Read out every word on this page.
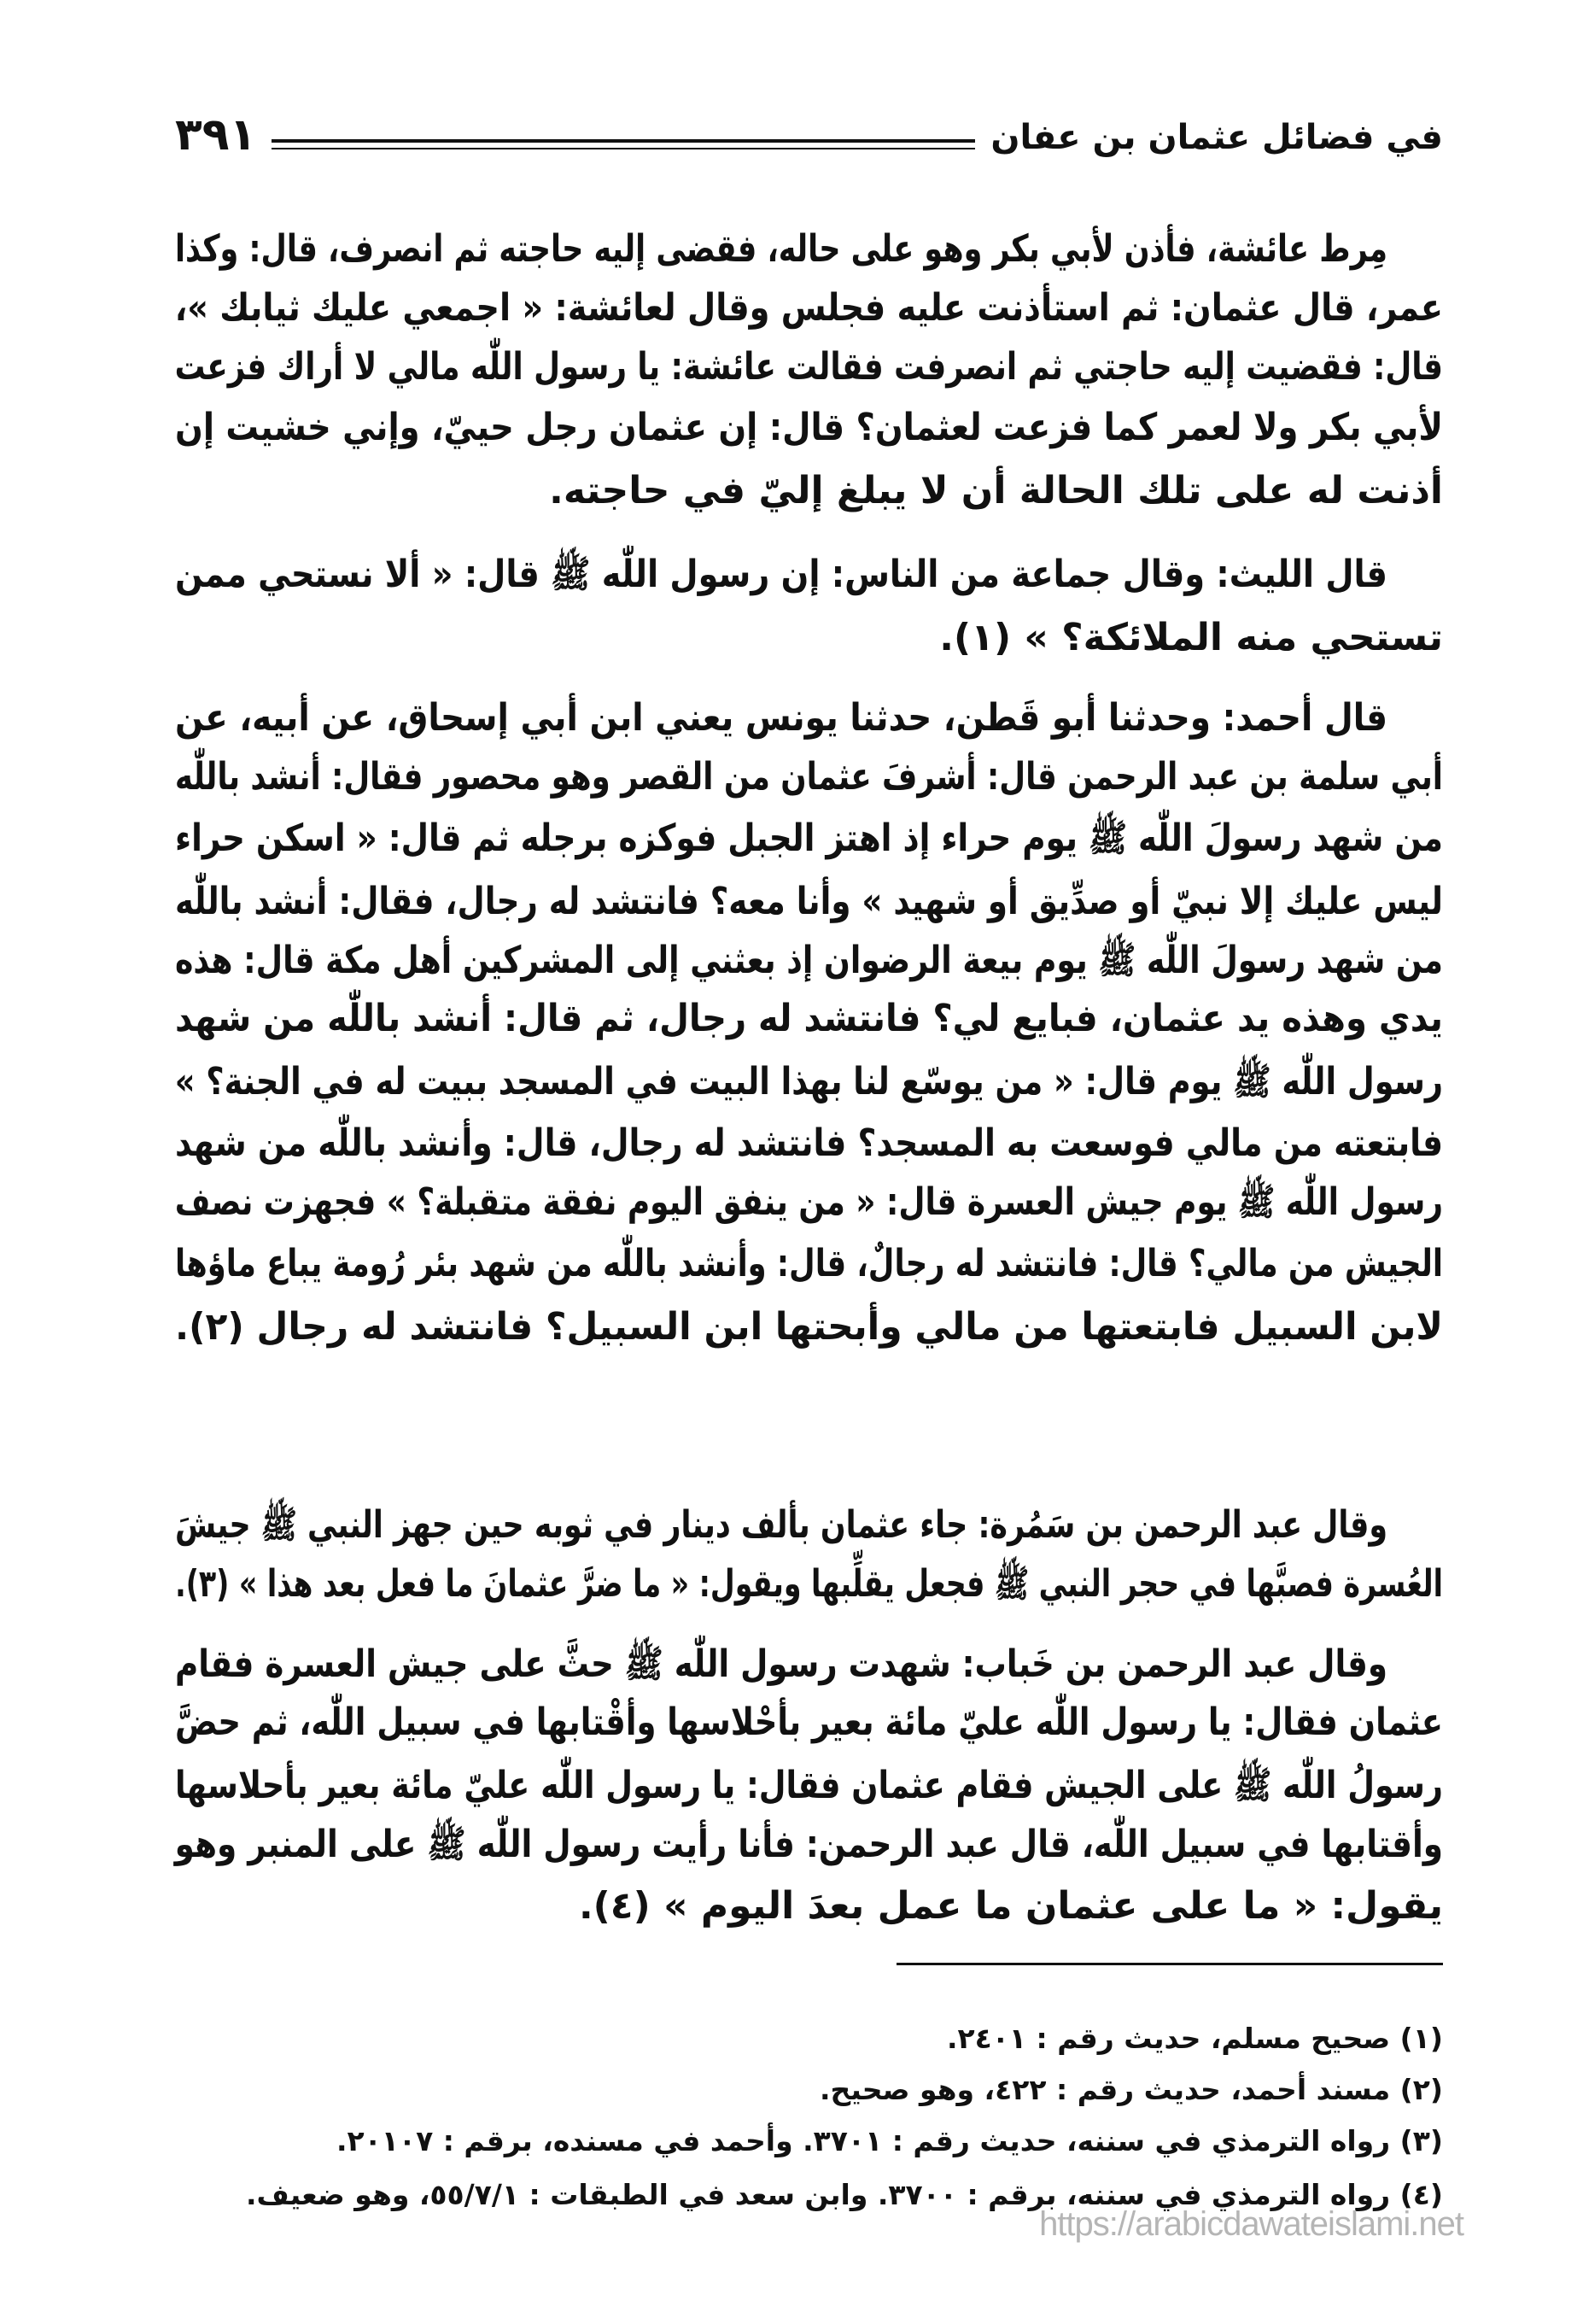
في فضائل عثمان بن عفان
٣٩١
مِرط عائشة، فأذن لأبي بكر وهو على حاله، فقضى إليه حاجته ثم انصرف، قال: وكذا
عمر، قال عثمان: ثم استأذنت عليه فجلس وقال لعائشة: « اجمعي عليك ثيابك »،
قال: فقضيت إليه حاجتي ثم انصرفت فقالت عائشة: يا رسول اللّٰه مالي لا أراك فزعت
لأبي بكر ولا لعمر كما فزعت لعثمان؟ قال: إن عثمان رجل حييّ، وإني خشيت إن
أذنت له على تلك الحالة أن لا يبلغ إليّ في حاجته.
قال الليث: وقال جماعة من الناس: إن رسول اللّٰه ﷺ قال: « ألا نستحي ممن
تستحي منه الملائكة؟ » (١).
قال أحمد: وحدثنا أبو قَطن، حدثنا يونس يعني ابن أبي إسحاق، عن أبيه، عن
أبي سلمة بن عبد الرحمن قال: أشرفَ عثمان من القصر وهو محصور فقال: أنشد باللّٰه
من شهد رسولَ اللّٰه ﷺ يوم حراء إذ اهتز الجبل فوكزه برجله ثم قال: « اسكن حراء
ليس عليك إلا نبيّ أو صدِّيق أو شهيد » وأنا معه؟ فانتشد له رجال، فقال: أنشد باللّٰه
من شهد رسولَ اللّٰه ﷺ يوم بيعة الرضوان إذ بعثني إلى المشركين أهل مكة قال: هذه
يدي وهذه يد عثمان، فبايع لي؟ فانتشد له رجال، ثم قال: أنشد باللّٰه من شهد
رسول اللّٰه ﷺ يوم قال: « من يوسّع لنا بهذا البيت في المسجد ببيت له في الجنة؟ »
فابتعته من مالي فوسعت به المسجد؟ فانتشد له رجال، قال: وأنشد باللّٰه من شهد
رسول اللّٰه ﷺ يوم جيش العسرة قال: « من ينفق اليوم نفقة متقبلة؟ » فجهزت نصف
الجيش من مالي؟ قال: فانتشد له رجالٌ، قال: وأنشد باللّٰه من شهد بئر رُومة يباع ماؤها
لابن السبيل فابتعتها من مالي وأبحتها ابن السبيل؟ فانتشد له رجال (٢).
وقال عبد الرحمن بن سَمُرة: جاء عثمان بألف دينار في ثوبه حين جهز النبي ﷺ جيشَ
العُسرة فصبَّها في حجر النبي ﷺ فجعل يقلِّبها ويقول: « ما ضرَّ عثمانَ ما فعل بعد هذا » (٣).
وقال عبد الرحمن بن خَباب: شهدت رسول اللّٰه ﷺ حثَّ على جيش العسرة فقام
عثمان فقال: يا رسول اللّٰه عليّ مائة بعير بأحْلاسها وأقْتابها في سبيل اللّٰه، ثم حضَّ
رسولُ اللّٰه ﷺ على الجيش فقام عثمان فقال: يا رسول اللّٰه عليّ مائة بعير بأحلاسها
وأقتابها في سبيل اللّٰه، قال عبد الرحمن: فأنا رأيت رسول اللّٰه ﷺ على المنبر وهو
يقول: « ما على عثمان ما عمل بعدَ اليوم » (٤).
(١) صحيح مسلم، حديث رقم : ٢٤٠١.
(٢) مسند أحمد، حديث رقم : ٤٢٢، وهو صحيح.
(٣) رواه الترمذي في سننه، حديث رقم : ٣٧٠١. وأحمد في مسنده، برقم : ٢٠١٠٧.
(٤) رواه الترمذي في سننه، برقم : ٣٧٠٠. وابن سعد في الطبقات : ٥٥/٧/١، وهو ضعيف.
https://arabicdawateislami.net
